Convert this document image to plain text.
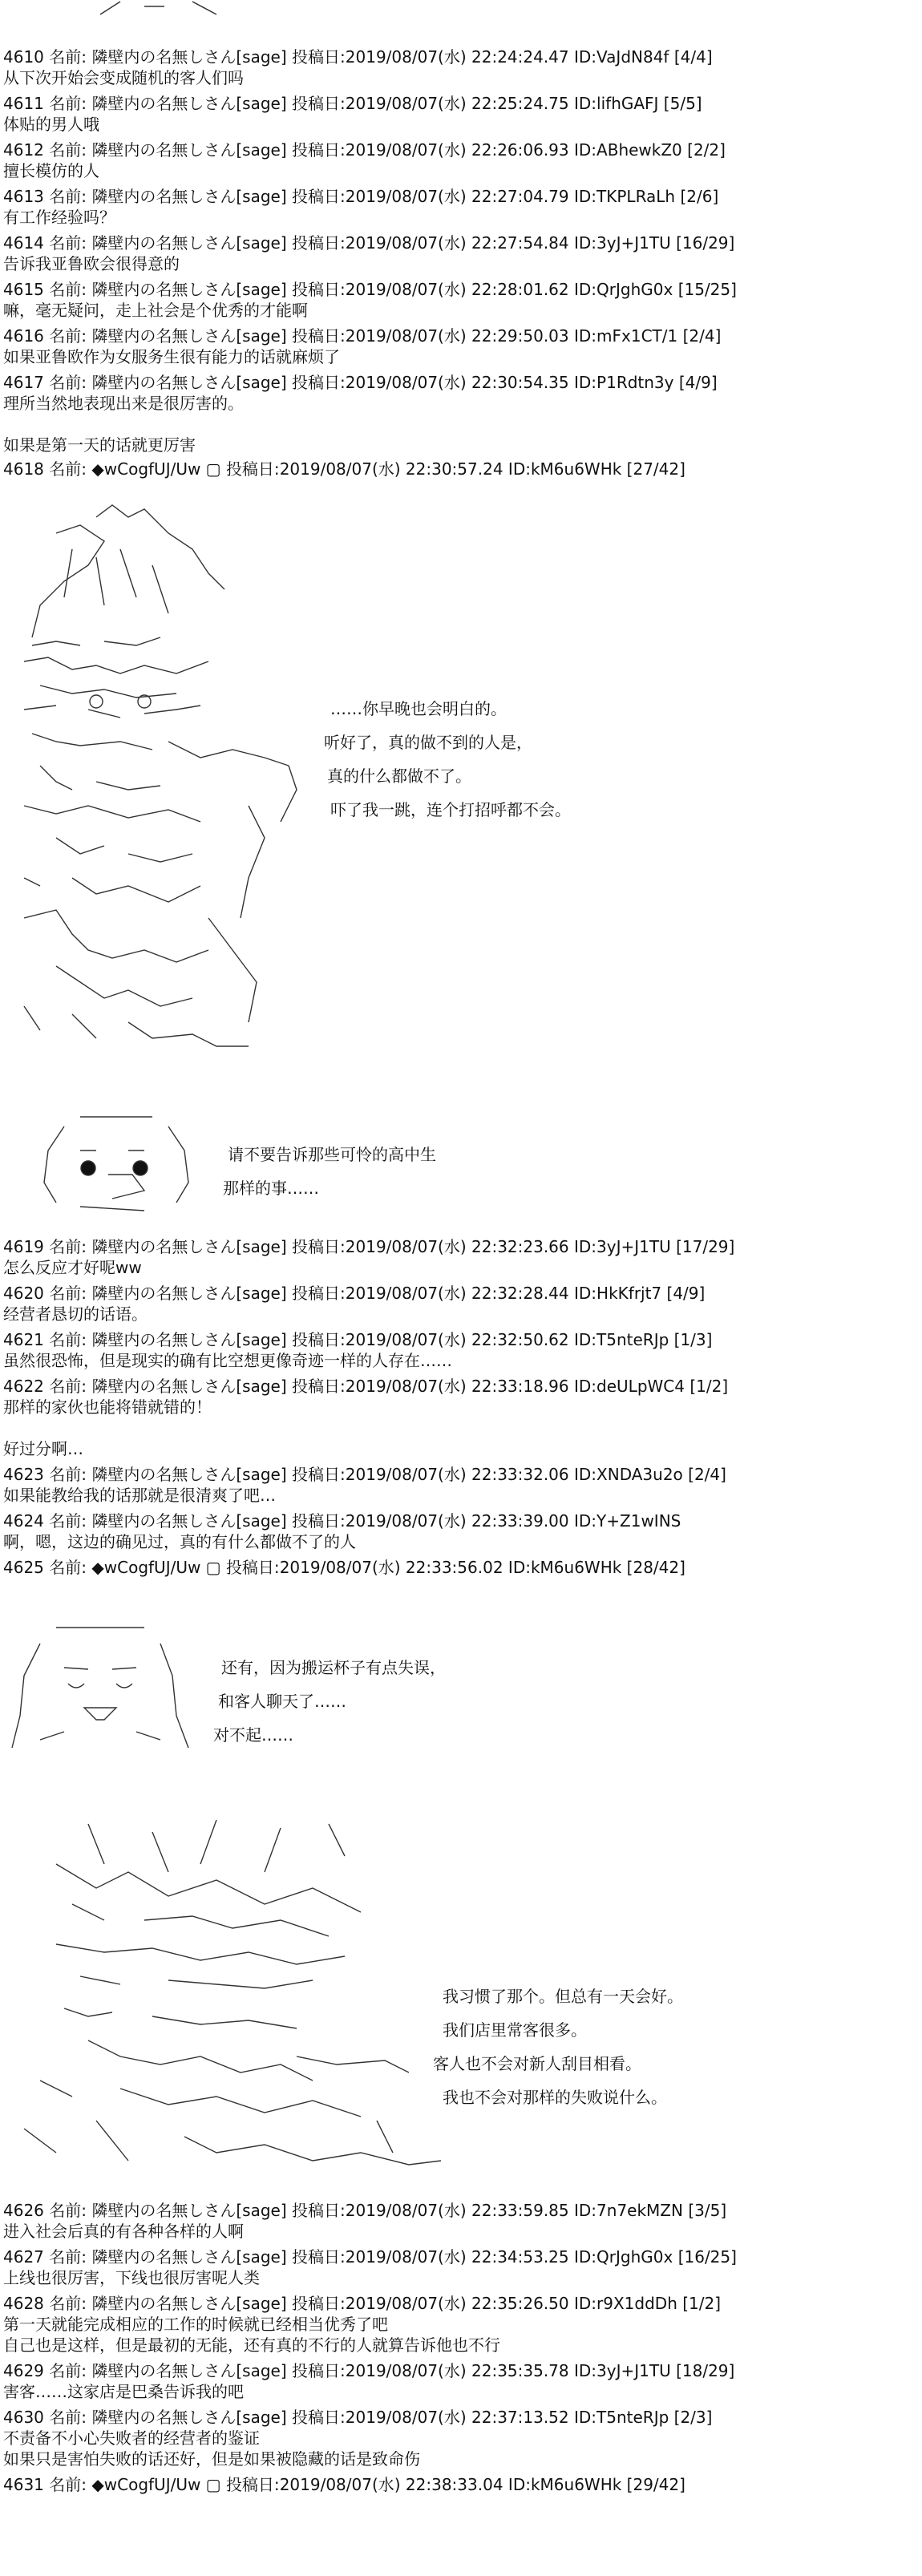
4610 名前: 隣壁内の名無しさん[sage] 投稿日:2019/08/07(水) 22:24:24.47 ID:VaJdN84f [4/4]
从下次开始会变成随机的客人们吗
4611 名前: 隣壁内の名無しさん[sage] 投稿日:2019/08/07(水) 22:25:24.75 ID:lifhGAFJ [5/5]
体贴的男人哦
4612 名前: 隣壁内の名無しさん[sage] 投稿日:2019/08/07(水) 22:26:06.93 ID:ABhewkZ0 [2/2]
擅长模仿的人
4613 名前: 隣壁内の名無しさん[sage] 投稿日:2019/08/07(水) 22:27:04.79 ID:TKPLRaLh [2/6]
有工作经验吗？
4614 名前: 隣壁内の名無しさん[sage] 投稿日:2019/08/07(水) 22:27:54.84 ID:3yJ+J1TU [16/29]
告诉我亚鲁欧会很得意的
4615 名前: 隣壁内の名無しさん[sage] 投稿日:2019/08/07(水) 22:28:01.62 ID:QrJghG0x [15/25]
嘛，毫无疑问，走上社会是个优秀的才能啊
4616 名前: 隣壁内の名無しさん[sage] 投稿日:2019/08/07(水) 22:29:50.03 ID:mFx1CT/1 [2/4]
如果亚鲁欧作为女服务生很有能力的话就麻烦了
4617 名前: 隣壁内の名無しさん[sage] 投稿日:2019/08/07(水) 22:30:54.35 ID:P1Rdtn3y [4/9]
理所当然地表现出来是很厉害的。

如果是第一天的话就更厉害
4618 名前: ◆wCogfUJ/Uw ▢ 投稿日:2019/08/07(水) 22:30:57.24 ID:kM6u6WHk [27/42]
……你早晚也会明白的。
听好了，真的做不到的人是，
真的什么都做不了。
吓了我一跳，连个打招呼都不会。
请不要告诉那些可怜的高中生
那样的事……
4619 名前: 隣壁内の名無しさん[sage] 投稿日:2019/08/07(水) 22:32:23.66 ID:3yJ+J1TU [17/29]
怎么反应才好呢ww
4620 名前: 隣壁内の名無しさん[sage] 投稿日:2019/08/07(水) 22:32:28.44 ID:HkKfrjt7 [4/9]
经营者恳切的话语。
4621 名前: 隣壁内の名無しさん[sage] 投稿日:2019/08/07(水) 22:32:50.62 ID:T5nteRJp [1/3]
虽然很恐怖，但是现实的确有比空想更像奇迹一样的人存在……
4622 名前: 隣壁内の名無しさん[sage] 投稿日:2019/08/07(水) 22:33:18.96 ID:deULpWC4 [1/2]
那样的家伙也能将错就错的！

好过分啊…
4623 名前: 隣壁内の名無しさん[sage] 投稿日:2019/08/07(水) 22:33:32.06 ID:XNDA3u2o [2/4]
如果能教给我的话那就是很清爽了吧…
4624 名前: 隣壁内の名無しさん[sage] 投稿日:2019/08/07(水) 22:33:39.00 ID:Y+Z1wINS
啊，嗯，这边的确见过，真的有什么都做不了的人
4625 名前: ◆wCogfUJ/Uw ▢ 投稿日:2019/08/07(水) 22:33:56.02 ID:kM6u6WHk [28/42]
还有，因为搬运杯子有点失误，
和客人聊天了……
对不起……
我习惯了那个。但总有一天会好。
我们店里常客很多。
客人也不会对新人刮目相看。
我也不会对那样的失败说什么。
4626 名前: 隣壁内の名無しさん[sage] 投稿日:2019/08/07(水) 22:33:59.85 ID:7n7ekMZN [3/5]
进入社会后真的有各种各样的人啊
4627 名前: 隣壁内の名無しさん[sage] 投稿日:2019/08/07(水) 22:34:53.25 ID:QrJghG0x [16/25]
上线也很厉害，下线也很厉害呢人类
4628 名前: 隣壁内の名無しさん[sage] 投稿日:2019/08/07(水) 22:35:26.50 ID:r9X1ddDh [1/2]
第一天就能完成相应的工作的时候就已经相当优秀了吧
自己也是这样，但是最初的无能，还有真的不行的人就算告诉他也不行
4629 名前: 隣壁内の名無しさん[sage] 投稿日:2019/08/07(水) 22:35:35.78 ID:3yJ+J1TU [18/29]
害客……这家店是巴桑告诉我的吧
4630 名前: 隣壁内の名無しさん[sage] 投稿日:2019/08/07(水) 22:37:13.52 ID:T5nteRJp [2/3]
不责备不小心失败者的经营者的鉴证
如果只是害怕失败的话还好，但是如果被隐藏的话是致命伤
4631 名前: ◆wCogfUJ/Uw ▢ 投稿日:2019/08/07(水) 22:38:33.04 ID:kM6u6WHk [29/42]
